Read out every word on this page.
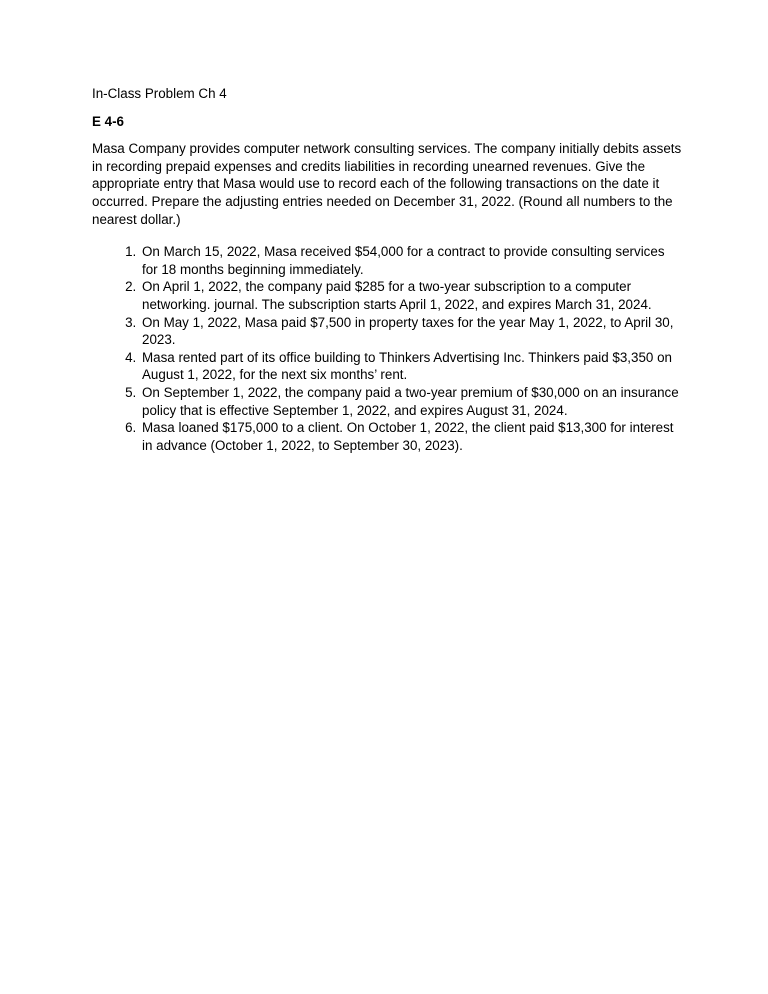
In-Class Problem Ch 4

E 4-6

Masa Company provides computer network consulting services. The company initially debits assets in recording prepaid expenses and credits liabilities in recording unearned revenues. Give the appropriate entry that Masa would use to record each of the following transactions on the date it occurred. Prepare the adjusting entries needed on December 31, 2022. (Round all numbers to the nearest dollar.)

1. On March 15, 2022, Masa received $54,000 for a contract to provide consulting services for 18 months beginning immediately.
2. On April 1, 2022, the company paid $285 for a two-year subscription to a computer networking. journal. The subscription starts April 1, 2022, and expires March 31, 2024.
3. On May 1, 2022, Masa paid $7,500 in property taxes for the year May 1, 2022, to April 30, 2023.
4. Masa rented part of its office building to Thinkers Advertising Inc. Thinkers paid $3,350 on August 1, 2022, for the next six months’ rent.
5. On September 1, 2022, the company paid a two-year premium of $30,000 on an insurance policy that is effective September 1, 2022, and expires August 31, 2024.
6. Masa loaned $175,000 to a client. On October 1, 2022, the client paid $13,300 for interest in advance (October 1, 2022, to September 30, 2023).
